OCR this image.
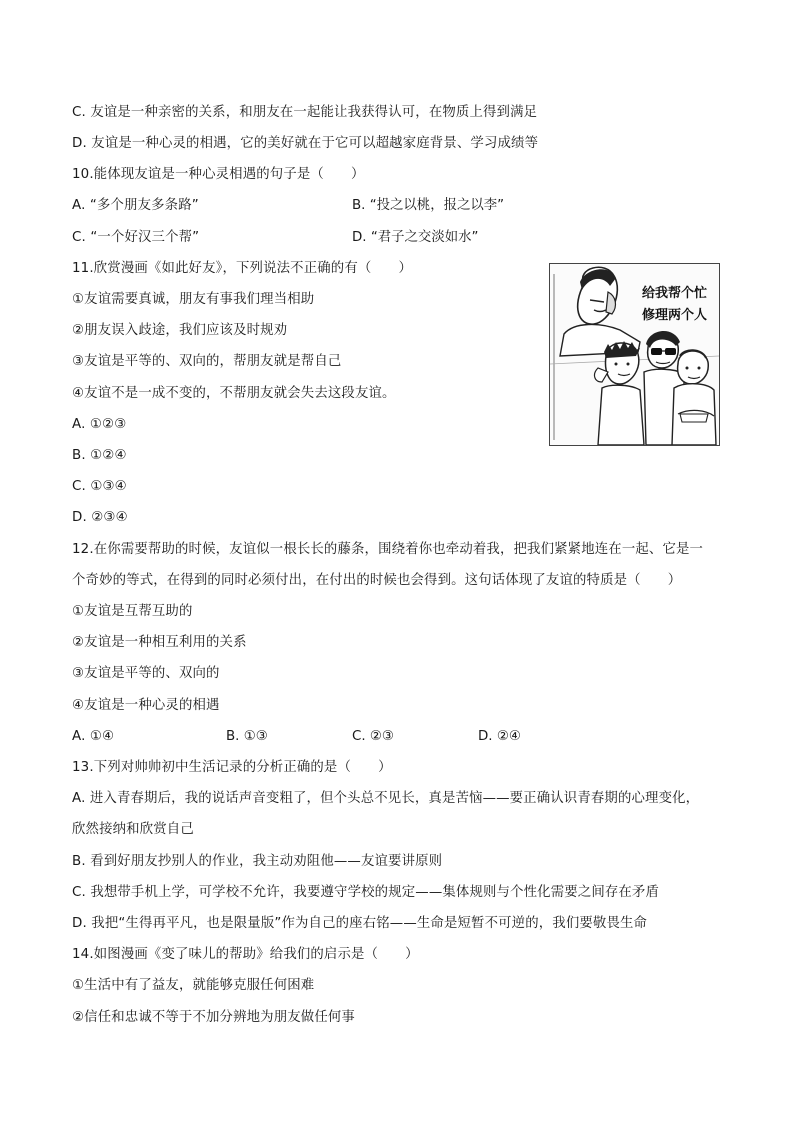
C. 友谊是一种亲密的关系，和朋友在一起能让我获得认可，在物质上得到满足
D. 友谊是一种心灵的相遇，它的美好就在于它可以超越家庭背景、学习成绩等
10.能体现友谊是一种心灵相遇的句子是（　　）
A. “多个朋友多条路”	B. “投之以桃，报之以李”
C. “一个好汉三个帮”	D. “君子之交淡如水”
11.欣赏漫画《如此好友》，下列说法不正确的有（　　）
①友谊需要真诚，朋友有事我们理当相助
②朋友误入歧途，我们应该及时规劝
③友谊是平等的、双向的，帮朋友就是帮自己
④友谊不是一成不变的，不帮朋友就会失去这段友谊。
A. ①②③
B. ①②④
C. ①③④
D. ②③④
给我帮个忙
修理两个人
12.在你需要帮助的时候，友谊似一根长长的藤条，围绕着你也牵动着我，把我们紧紧地连在一起、它是一
个奇妙的等式，在得到的同时必须付出，在付出的时候也会得到。这句话体现了友谊的特质是（　　）
①友谊是互帮互助的
②友谊是一种相互利用的关系
③友谊是平等的、双向的
④友谊是一种心灵的相遇
A. ①④	B. ①③	C. ②③	D. ②④
13.下列对帅帅初中生活记录的分析正确的是（　　）
A. 进入青春期后，我的说话声音变粗了，但个头总不见长，真是苦恼——要正确认识青春期的心理变化，
欣然接纳和欣赏自己
B. 看到好朋友抄别人的作业，我主动劝阻他——友谊要讲原则
C. 我想带手机上学，可学校不允许，我要遵守学校的规定——集体规则与个性化需要之间存在矛盾
D. 我把“生得再平凡，也是限量版”作为自己的座右铭——生命是短暂不可逆的，我们要敬畏生命
14.如图漫画《变了味儿的帮助》给我们的启示是（　　）
①生活中有了益友，就能够克服任何困难
②信任和忠诚不等于不加分辨地为朋友做任何事
